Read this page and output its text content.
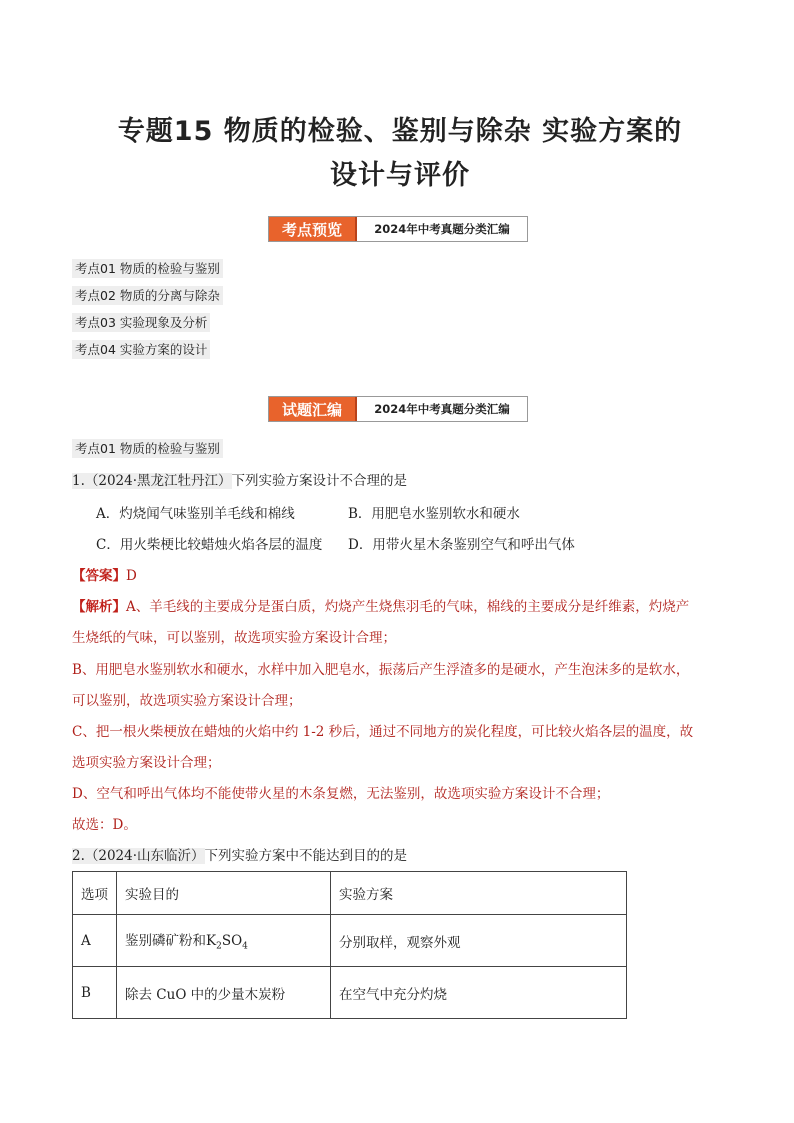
专题15 物质的检验、鉴别与除杂 实验方案的
设计与评价
考点预览	2024年中考真题分类汇编
考点01 物质的检验与鉴别
考点02 物质的分离与除杂
考点03 实验现象及分析
考点04 实验方案的设计
试题汇编	2024年中考真题分类汇编
考点01 物质的检验与鉴别
1.（2024·黑龙江牡丹江）下列实验方案设计不合理的是
A．灼烧闻气味鉴别羊毛线和棉线	B．用肥皂水鉴别软水和硬水
C．用火柴梗比较蜡烛火焰各层的温度 D．用带火星木条鉴别空气和呼出气体
【答案】D
【解析】A、羊毛线的主要成分是蛋白质，灼烧产生烧焦羽毛的气味，棉线的主要成分是纤维素，灼烧产
生烧纸的气味，可以鉴别，故选项实验方案设计合理；
B、用肥皂水鉴别软水和硬水，水样中加入肥皂水，振荡后产生浮渣多的是硬水，产生泡沫多的是软水，
可以鉴别，故选项实验方案设计合理；
C、把一根火柴梗放在蜡烛的火焰中约 1-2 秒后，通过不同地方的炭化程度，可比较火焰各层的温度，故
选项实验方案设计合理；
D、空气和呼出气体均不能使带火星的木条复燃，无法鉴别，故选项实验方案设计不合理；
故选：D。
2.（2024·山东临沂）下列实验方案中不能达到目的的是
选项	实验目的	实验方案
A	鉴别磷矿粉和$K_2SO_4$	分别取样，观察外观
B	除去 CuO 中的少量木炭粉	在空气中充分灼烧
